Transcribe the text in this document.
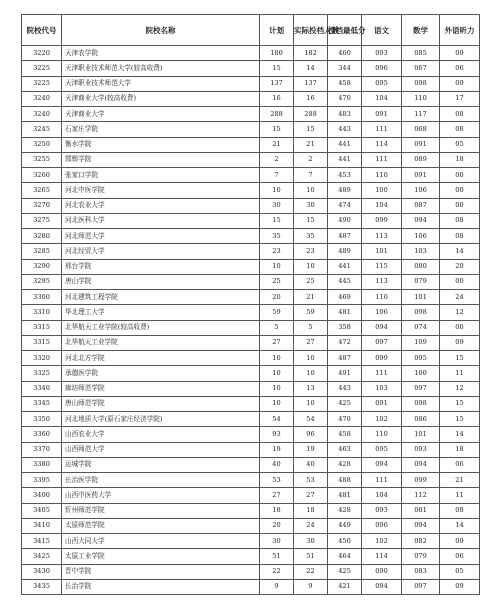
院校代号	院校名称	计划	实际投档人数	投档最低分	语文	数学	外语听力
3220	天津农学院	180	182	460	093	085	09
3225	天津职业技术师范大学(较高收费)	15	14	344	096	067	06
3225	天津职业技术师范大学	137	137	458	095	098	09
3240	天津商业大学(较高收费)	16	16	470	104	110	17
3240	天津商业大学	288	288	483	091	117	08
3245	石家庄学院	15	15	443	111	068	08
3250	衡水学院	21	21	441	114	091	05
3255	邯郸学院	2	2	441	111	089	18
3260	张家口学院	7	7	453	110	091	00
3265	河北中医学院	10	10	489	100	106	00
3270	河北农业大学	30	30	474	104	087	00
3275	河北医科大学	15	15	490	099	094	08
3280	河北师范大学	35	35	487	113	106	08
3285	河北经贸大学	23	23	489	101	103	14
3290	邢台学院	10	10	441	115	080	20
3295	唐山学院	25	25	445	113	079	00
3300	河北建筑工程学院	20	21	469	110	101	24
3310	华北理工大学	59	59	481	106	098	12
3315	北华航天工业学院(较高收费)	5	5	358	094	074	00
3315	北华航天工业学院	27	27	472	097	109	09
3320	河北北方学院	10	10	487	099	095	15
3325	承德医学院	10	10	491	111	100	11
3340	廊坊师范学院	10	13	443	103	097	12
3345	唐山师范学院	10	10	425	091	098	15
3350	河北地质大学(原石家庄经济学院)	54	54	470	102	086	15
3360	山西农业大学	93	96	458	110	101	14
3370	山西师范大学	19	19	463	095	093	18
3380	运城学院	40	40	428	094	094	06
3395	长治医学院	53	53	488	111	099	21
3400	山西中医药大学	27	27	481	104	112	11
3405	忻州师范学院	18	18	428	093	081	08
3410	太原师范学院	20	24	449	096	094	14
3415	山西大同大学	30	30	450	102	082	09
3425	太原工业学院	51	51	464	114	079	06
3430	晋中学院	22	22	425	090	083	05
3435	长治学院	9	9	421	094	097	09
